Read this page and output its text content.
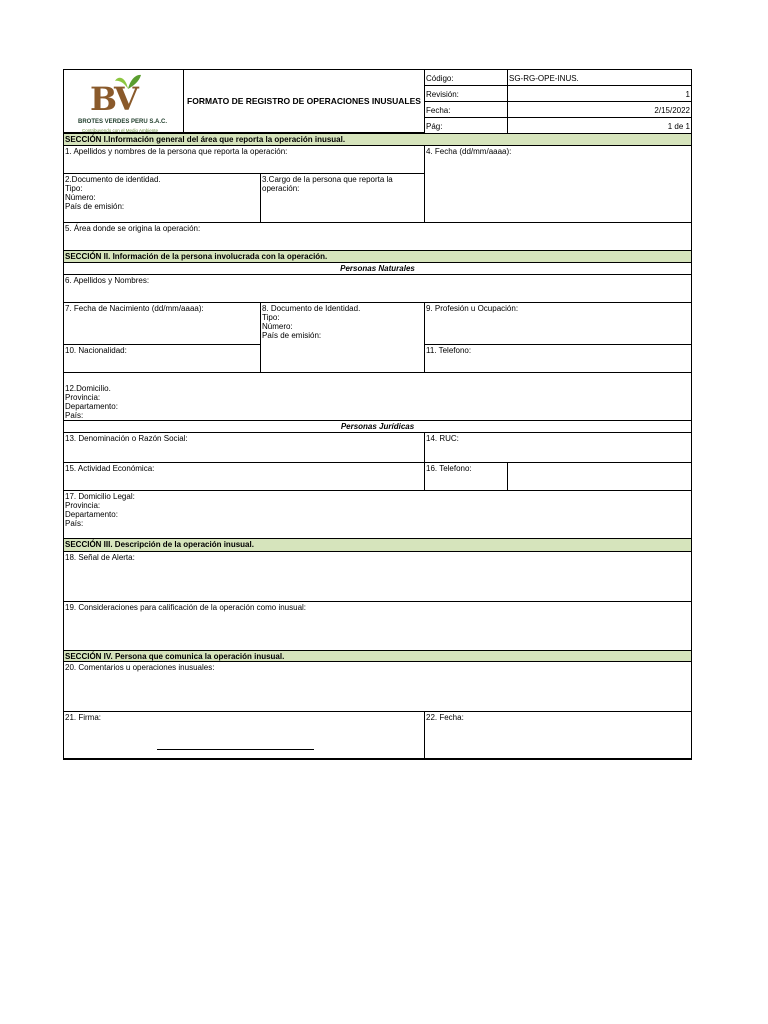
BV
BROTES VERDES PERU S.A.C.
Contribuyendo con el Medio Ambiente
FORMATO DE REGISTRO DE OPERACIONES INUSUALES
Código:	SG-RG-OPE-INUS.
Revisión:	1
Fecha:	2/15/2022
Pág:	1 de 1
SECCIÓN I.Información general del área que reporta la operación inusual.
1. Apellidos y nombres de la persona que reporta la operación:	4. Fecha (dd/mm/aaaa):
2.Documento de identidad.
Tipo:
Número:
País de emisión:
3.Cargo de la persona que reporta la
operación:
5. Área donde se origina la operación:
SECCIÓN II. Información de la persona involucrada con la operación.
Personas Naturales
6. Apellidos y Nombres:
7. Fecha de Nacimiento (dd/mm/aaaa):	8. Documento de Identidad.
Tipo:
Número:
País de emisión:
9. Profesión u Ocupación:
10. Nacionalidad:	11. Telefono:
12.Domicilio.
Provincia:
Departamento:
País:
Personas Jurídicas
13. Denominación o Razón Social:	14. RUC:
15. Actividad Económica:	16. Telefono:
17. Domicilio Legal:
Provincia:
Departamento:
País:
SECCIÓN III. Descripción de la operación inusual.
18. Señal de Alerta:
19. Consideraciones para calificación de la operación como inusual:
SECCIÓN IV. Persona que comunica la operación inusual.
20. Comentarios u operaciones inusuales:
21. Firma:	22. Fecha:
